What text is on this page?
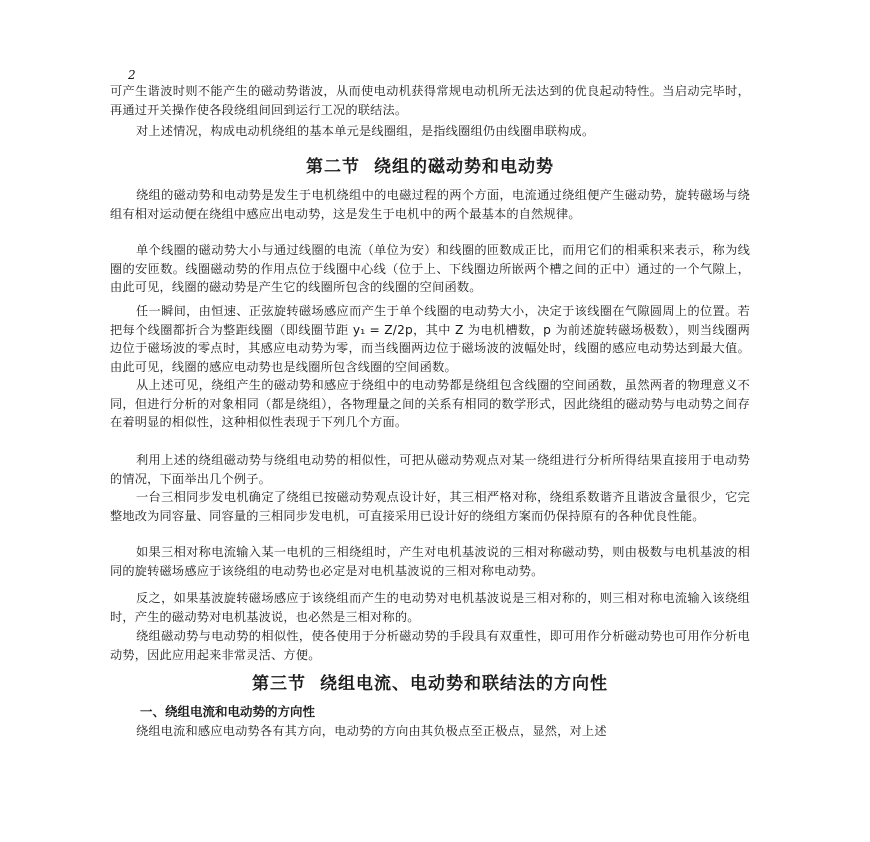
2

可产生谐波时则不能产生的磁动势谐波，从而使电动机获得常规电动机所无法达到的优良起动特性。当启动完毕时，再通过开关操作使各段绕组间回到运行工况的联结法。

对上述情况，构成电动机绕组的基本单元是线圈组，是指线圈组仍由线圈串联构成。

第二节 绕组的磁动势和电动势

绕组的磁动势和电动势是发生于电机绕组中的电磁过程的两个方面，电流通过绕组便产生磁动势，旋转磁场与绕组有相对运动便在绕组中感应出电动势，这是发生于电机中的两个最基本的自然规律。

单个线圈的磁动势大小与通过线圈的电流（单位为安）和线圈的匝数成正比，而用它们的相乘积来表示，称为线圈的安匝数。线圈磁动势的作用点位于线圈中心线（位于上、下线圈边所嵌两个槽之间的正中）通过的一个气隙上，由此可见，线圈的磁动势是产生它的线圈所包含的线圈的空间函数。

任一瞬间，由恒速、正弦旋转磁场感应而产生于单个线圈的电动势大小，决定于该线圈在气隙圆周上的位置。若把每个线圈都折合为整距线圈（即线圈节距 y₁ = Z/2p，其中 Z 为电机槽数，p 为前述旋转磁场极数），则当线圈两边位于磁场波的零点时，其感应电动势为零，而当线圈两边位于磁场波的波幅处时，线圈的感应电动势达到最大值。由此可见，线圈的感应电动势也是线圈所包含线圈的空间函数。

从上述可见，绕组产生的磁动势和感应于绕组中的电动势都是绕组包含线圈的空间函数，虽然两者的物理意义不同，但进行分析的对象相同（都是绕组），各物理量之间的关系有相同的数学形式，因此绕组的磁动势与电动势之间存在着明显的相似性，这种相似性表现于下列几个方面。

利用上述的绕组磁动势与绕组电动势的相似性，可把从磁动势观点对某一绕组进行分析所得结果直接用于电动势的情况，下面举出几个例子。

一台三相同步发电机确定了绕组已按磁动势观点设计好，其三相严格对称，绕组系数谐齐且谐波含量很少，它完整地改为同容量、同容量的三相同步发电机，可直接采用已设计好的绕组方案而仍保持原有的各种优良性能。

如果三相对称电流输入某一电机的三相绕组时，产生对电机基波说的三相对称磁动势，则由极数与电机基波的相同的旋转磁场感应于该绕组的电动势也必定是对电机基波说的三相对称电动势。

反之，如果基波旋转磁场感应于该绕组而产生的电动势对电机基波说是三相对称的，则三相对称电流输入该绕组时，产生的磁动势对电机基波说，也必然是三相对称的。

绕组磁动势与电动势的相似性，使各使用于分析磁动势的手段具有双重性，即可用作分析磁动势也可用作分析电动势，因此应用起来非常灵活、方便。

第三节 绕组电流、电动势和联结法的方向性
一、绕组电流和电动势的方向性

绕组电流和感应电动势各有其方向，电动势的方向由其负极点至正极点，显然，对上述
